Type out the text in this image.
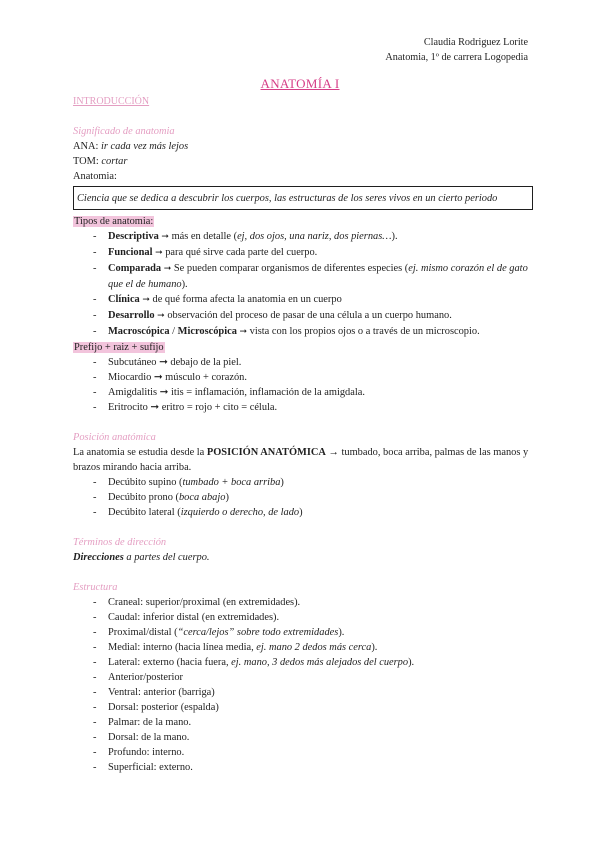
Claudia Rodriguez Lorite
Anatomia, 1º de carrera Logopedia
ANATOMÍA I
INTRODUCCIÓN
Significado de anatomia
ANA: ir cada vez más lejos
TOM: cortar
Anatomia:
Ciencia que se dedica a descubrir los cuerpos, las estructuras de los seres vivos en un cierto periodo
Tipos de anatomia:
- Descriptiva ➞ más en detalle (ej, dos ojos, una nariz, dos piernas…).
- Funcional ➞ para qué sirve cada parte del cuerpo.
- Comparada ➞ Se pueden comparar organismos de diferentes especies (ej. mismo corazón el de gato que el de humano).
- Clínica ➞ de qué forma afecta la anatomia en un cuerpo
- Desarrollo ➞ observación del proceso de pasar de una célula a un cuerpo humano.
- Macroscópica / Microscópica ➞ vista con los propios ojos o a través de un microscopio.
Prefijo + raiz + sufijo
- Subcutáneo ➞ debajo de la piel.
- Miocardio ➞ músculo + corazón.
- Amigdalitis ➞ itis = inflamación, inflamación de la amigdala.
- Eritrocito ➞ eritro = rojo + cito = célula.
Posición anatómica
La anatomia se estudia desde la POSICIÓN ANATÓMICA → tumbado, boca arriba, palmas de las manos y brazos mirando hacia arriba.
- Decúbito supino (tumbado + boca arriba)
- Decúbito prono (boca abajo)
- Decúbito lateral (izquierdo o derecho, de lado)
Términos de dirección
Direcciones a partes del cuerpo.
Estructura
- Craneal: superior/proximal (en extremidades).
- Caudal: inferior distal (en extremidades).
- Proximal/distal (“cerca/lejos” sobre todo extremidades).
- Medial: interno (hacia línea media, ej. mano 2 dedos más cerca).
- Lateral: externo (hacia fuera, ej. mano, 3 dedos más alejados del cuerpo).
- Anterior/posterior
- Ventral: anterior (barriga)
- Dorsal: posterior (espalda)
- Palmar: de la mano.
- Dorsal: de la mano.
- Profundo: interno.
- Superficial: externo.
